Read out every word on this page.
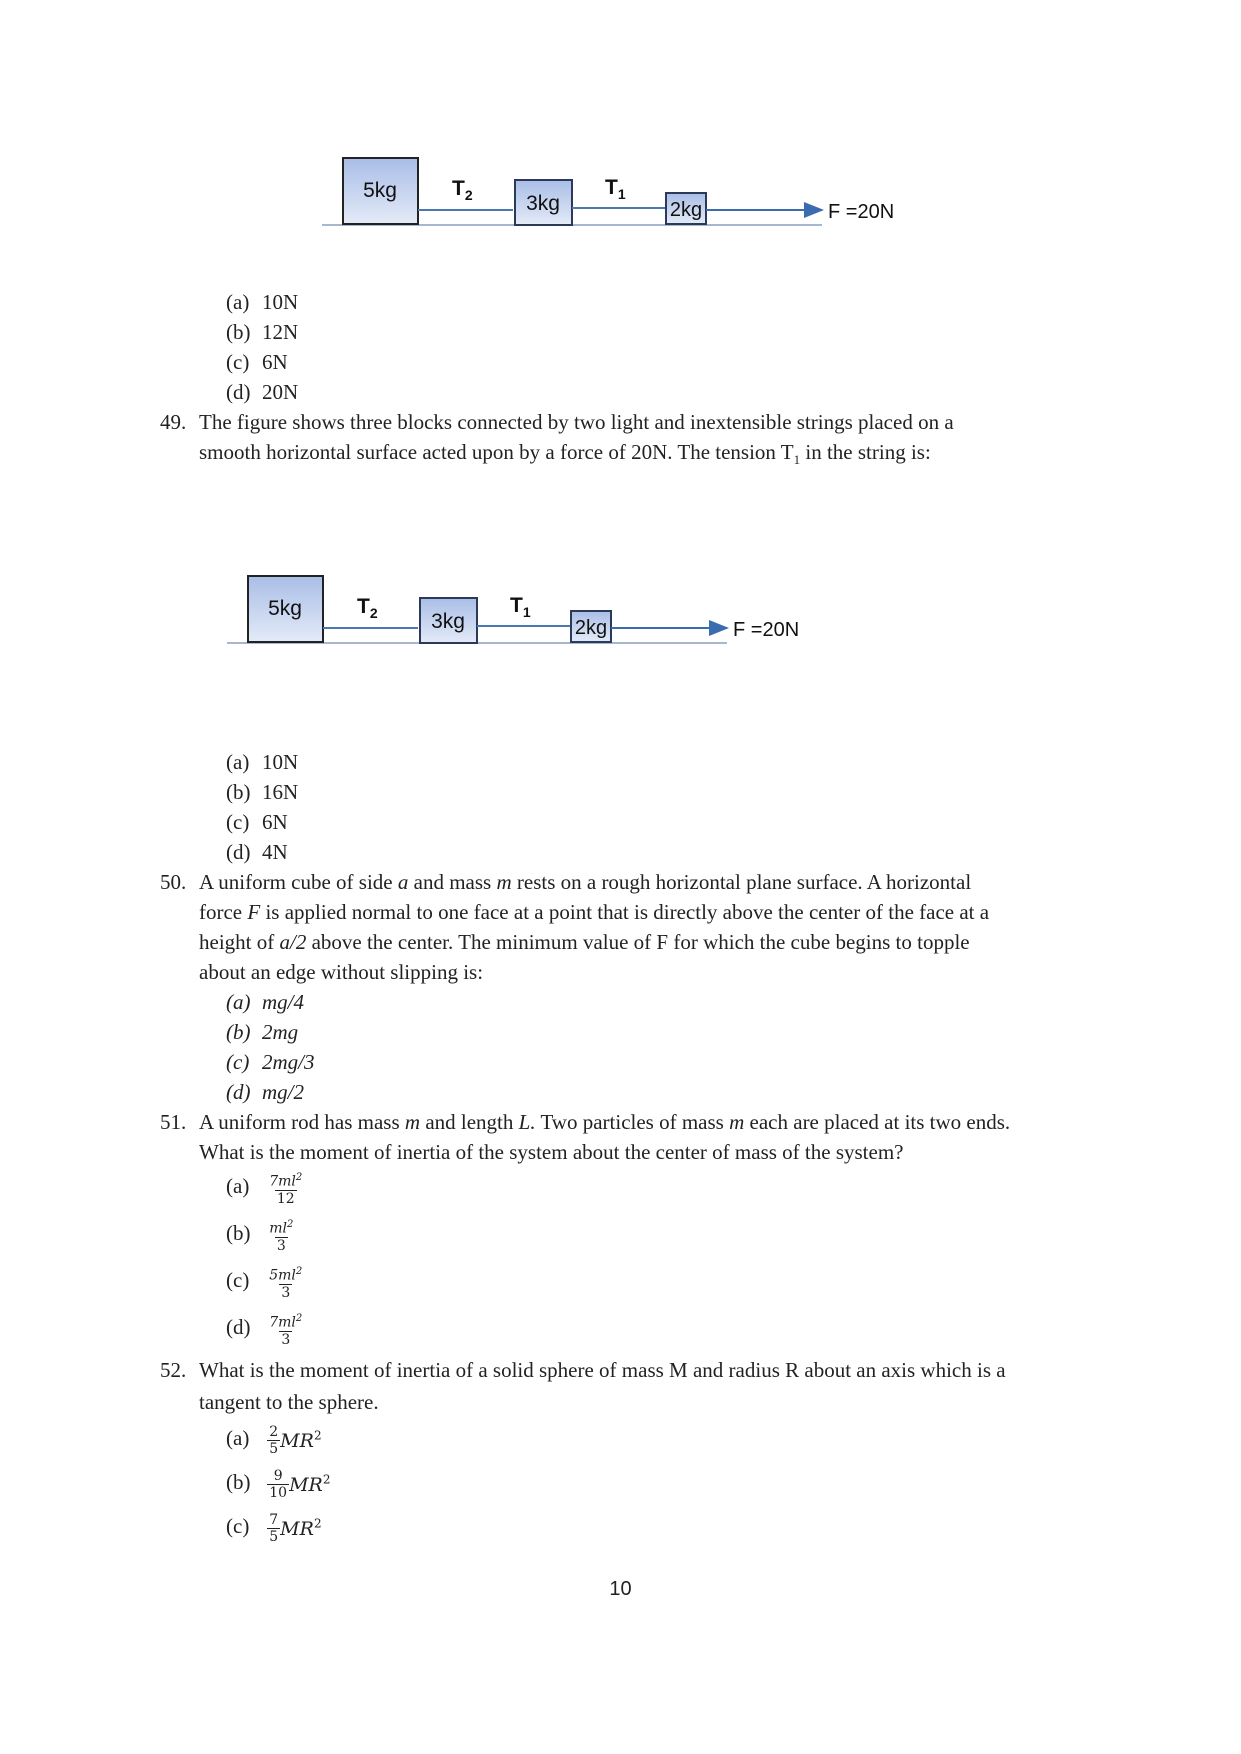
5kg	$T_2$	3kg
$T_1$
2kg	F =20N
(a) 10N
(b) 12N
(c) 6N
(d) 20N
49. The figure shows three blocks connected by two light and inextensible strings placed on a
smooth horizontal surface acted upon by a force of 20N. The tension $T_1$ in the string is:
5kg	$T_2$	3kg
$T_1$
2kg	F =20N
(a) 10N
(b) 16N
(c) 6N
(d) 4N
50. A uniform cube of side a and mass m rests on a rough horizontal plane surface. A horizontal
force F is applied normal to one face at a point that is directly above the center of the face at a
height of a/2 above the center. The minimum value of F for which the cube begins to topple
about an edge without slipping is:
(a) mg/4
(b) 2mg
(c) 2mg/3
(d) mg/2
51. A uniform rod has mass m and length L. Two particles of mass m each are placed at its two ends.
What is the moment of inertia of the system about the center of mass of the system?
$(a) \frac{7ml^2}{12}$
$(b) \frac{ml^2}{3}$
$(c) \frac{5ml^2}{3}$
$(d) \frac{7ml^2}{3}$
52. What is the moment of inertia of a solid sphere of mass M and radius R about an axis which is a
tangent to the sphere.
$(a) \frac{2}{5} MR^2$
$(b) \frac{9}{10} MR^2$
$(c) \frac{7}{5} MR^2$
10
